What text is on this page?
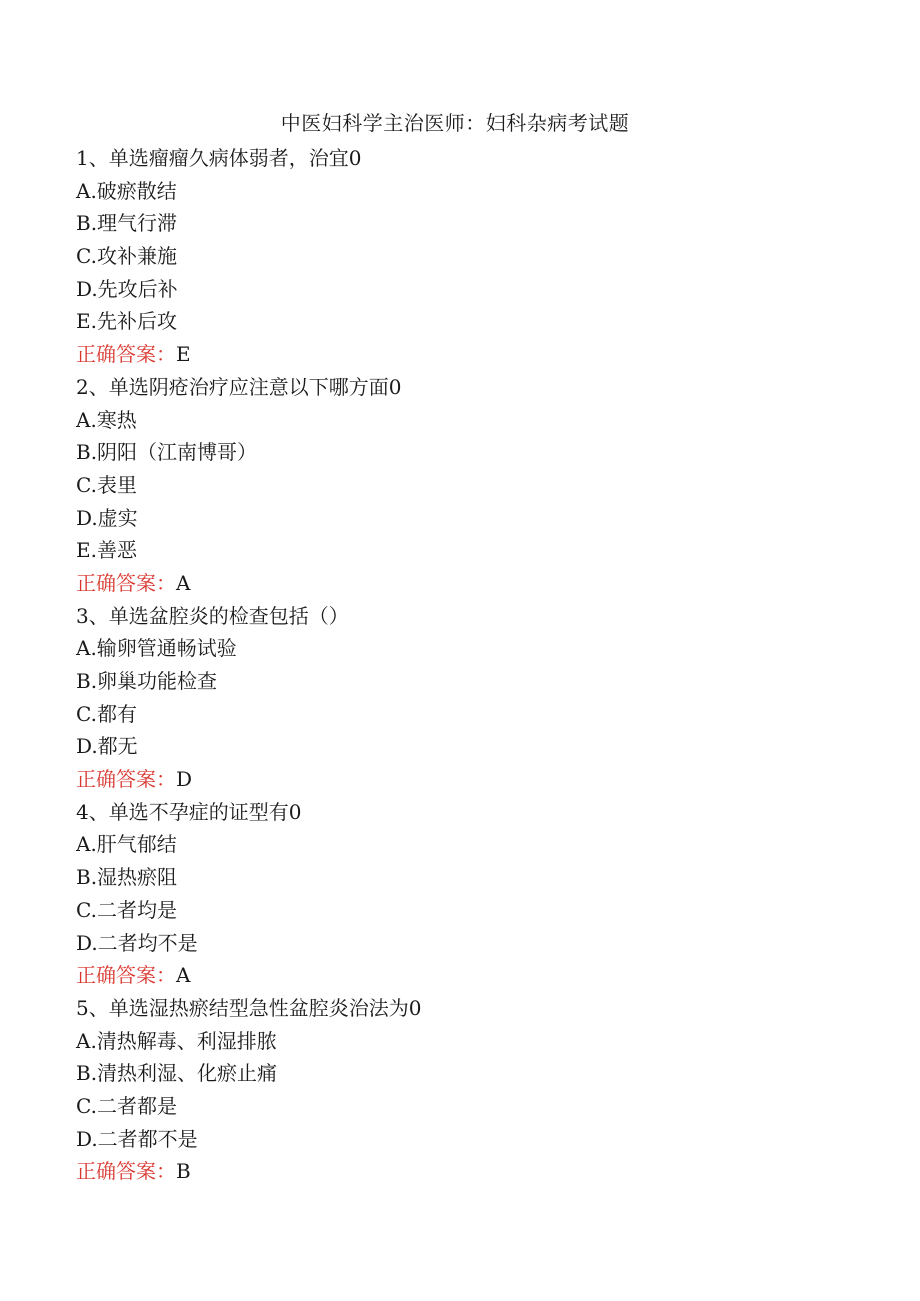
中医妇科学主治医师：妇科杂病考试题
1、单选瘤瘤久病体弱者，治宜0
A.破瘀散结
B.理气行滞
C.攻补兼施
D.先攻后补
E.先补后攻
正确答案：E
2、单选阴疮治疗应注意以下哪方面0
A.寒热
B.阴阳（江南博哥）
C.表里
D.虚实
E.善恶
正确答案：A
3、单选盆腔炎的检查包括（）
A.输卵管通畅试验
B.卵巢功能检查
C.都有
D.都无
正确答案：D
4、单选不孕症的证型有0
A.肝气郁结
B.湿热瘀阻
C.二者均是
D.二者均不是
正确答案：A
5、单选湿热瘀结型急性盆腔炎治法为0
A.清热解毒、利湿排脓
B.清热利湿、化瘀止痛
C.二者都是
D.二者都不是
正确答案：B
